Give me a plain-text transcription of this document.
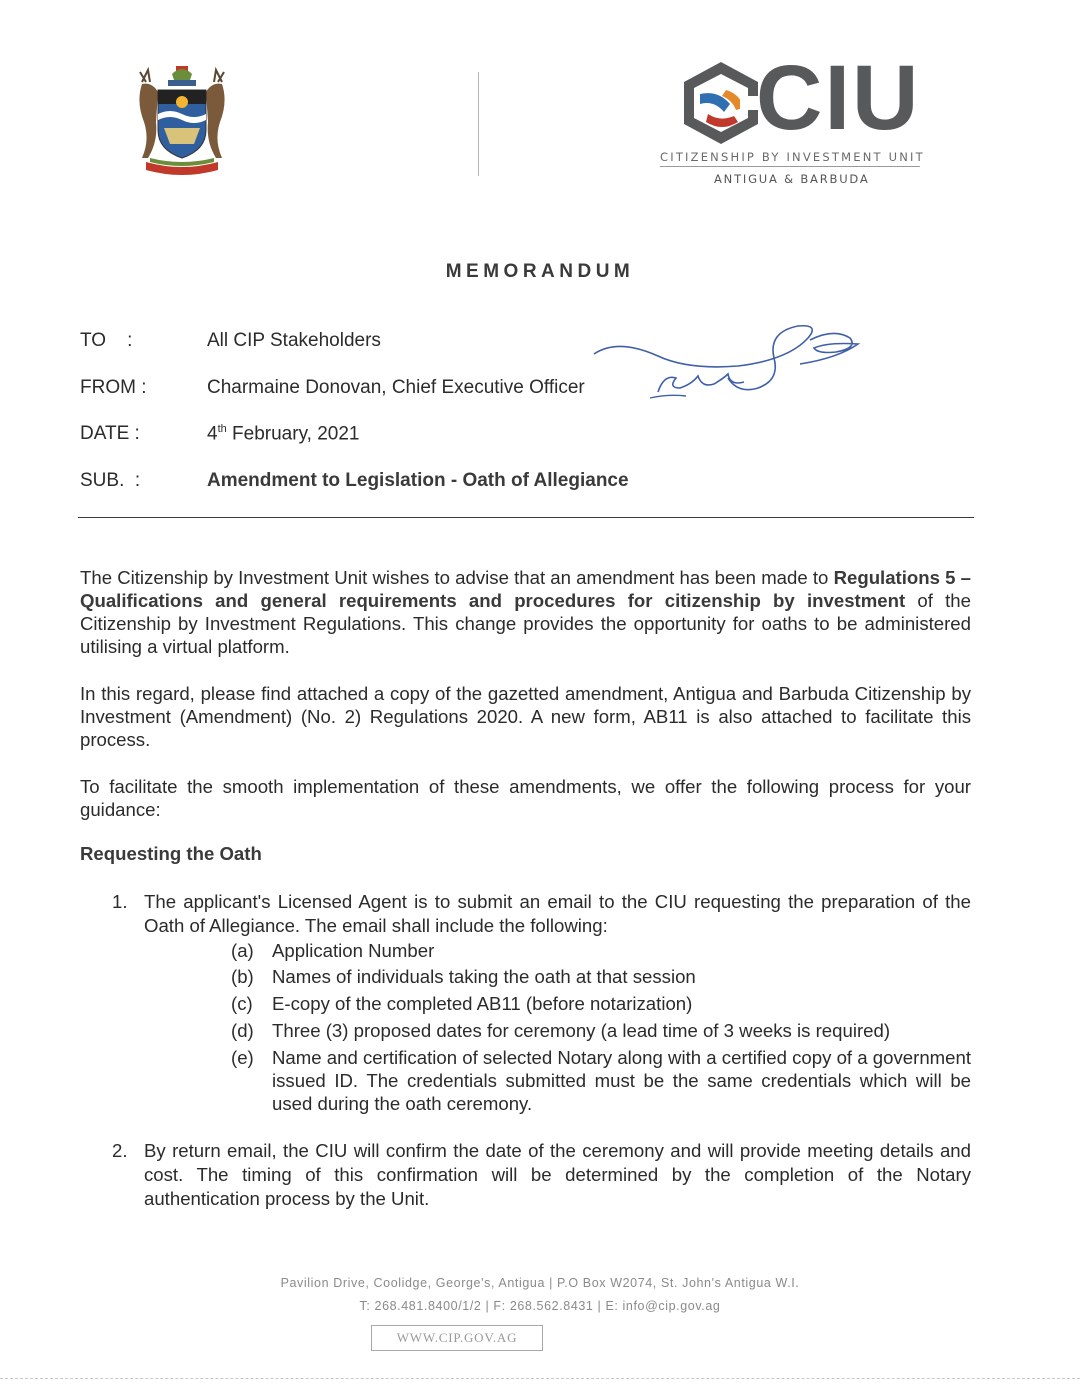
CIU
CITIZENSHIP BY INVESTMENT UNIT
ANTIGUA & BARBUDA
MEMORANDUM
TO    :	All CIP Stakeholders
FROM :	Charmaine Donovan, Chief Executive Officer
DATE :	4th February, 2021
SUB.  :	Amendment to Legislation - Oath of Allegiance

The Citizenship by Investment Unit wishes to advise that an amendment has been made to Regulations 5 – Qualifications and general requirements and procedures for citizenship by investment of the Citizenship by Investment Regulations. This change provides the opportunity for oaths to be administered utilising a virtual platform.

In this regard, please find attached a copy of the gazetted amendment, Antigua and Barbuda Citizenship by Investment (Amendment) (No. 2) Regulations 2020. A new form, AB11 is also attached to facilitate this process.

To facilitate the smooth implementation of these amendments, we offer the following process for your guidance:

Requesting the Oath
1. The applicant's Licensed Agent is to submit an email to the CIU requesting the preparation of the Oath of Allegiance. The email shall include the following:
(a) Application Number
(b) Names of individuals taking the oath at that session
(c) E-copy of the completed AB11 (before notarization)
(d) Three (3) proposed dates for ceremony (a lead time of 3 weeks is required)
(e) Name and certification of selected Notary along with a certified copy of a government issued ID. The credentials submitted must be the same credentials which will be used during the oath ceremony.
2. By return email, the CIU will confirm the date of the ceremony and will provide meeting details and cost. The timing of this confirmation will be determined by the completion of the Notary authentication process by the Unit.
Pavilion Drive, Coolidge, George's, Antigua | P.O Box W2074, St. John's Antigua W.I.
T: 268.481.8400/1/2 | F: 268.562.8431 | E: info@cip.gov.ag
WWW.CIP.GOV.AG
